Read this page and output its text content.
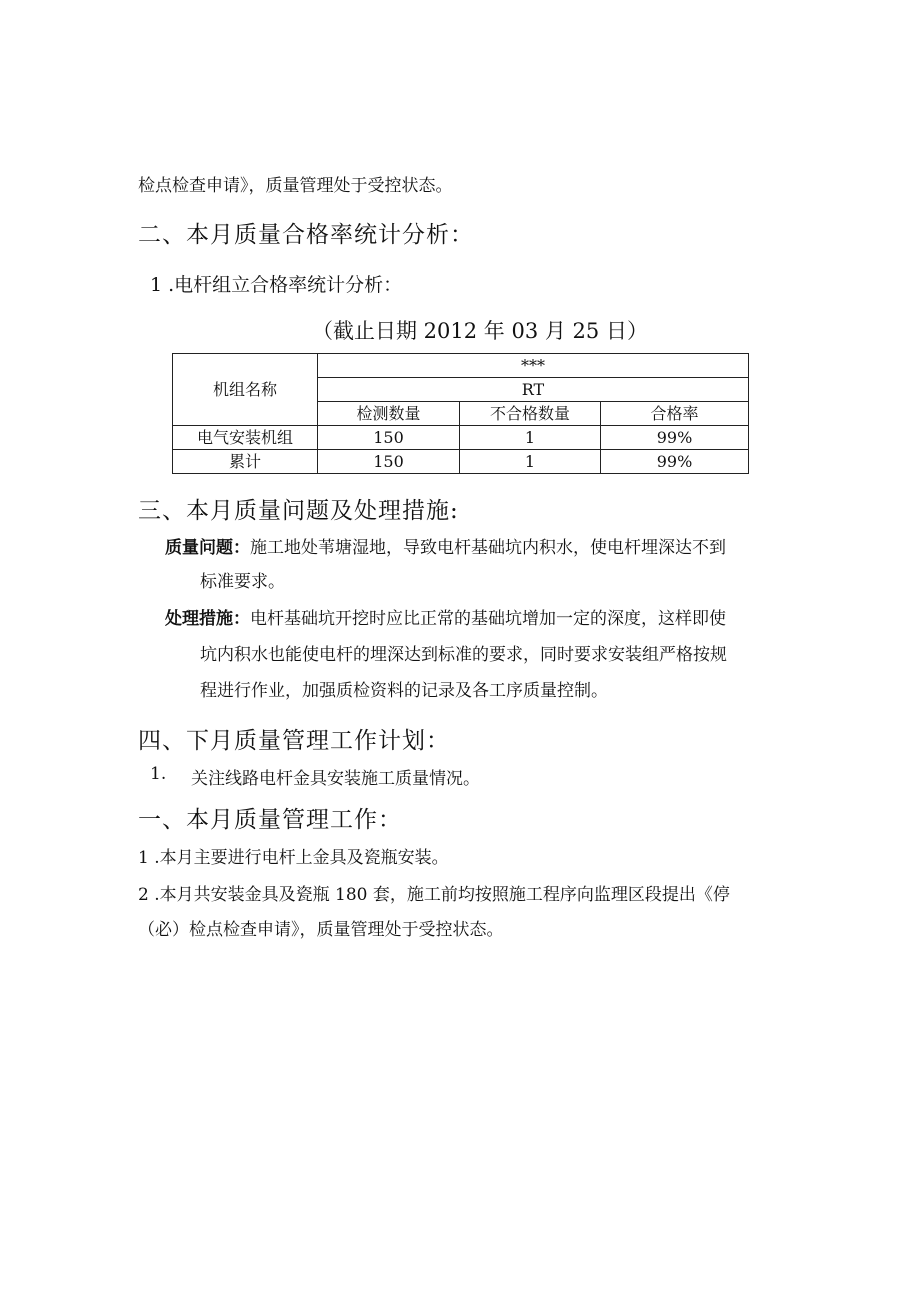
检点检查申请》，质量管理处于受控状态。
二、本月质量合格率统计分析：
1 .电杆组立合格率统计分析：
（截止日期 2012 年 03 月 25 日）
机组名称	***		
	RT		
	检测数量	不合格数量	合格率
电气安装机组	150	1	99%
累计	150	1	99%
三、本月质量问题及处理措施:
质量问题：施工地处苇塘湿地，导致电杆基础坑内积水，使电杆埋深达不到
标准要求。
处理措施：电杆基础坑开挖时应比正常的基础坑增加一定的深度，这样即使
坑内积水也能使电杆的埋深达到标准的要求，同时要求安装组严格按规
程进行作业，加强质检资料的记录及各工序质量控制。
四、下月质量管理工作计划：
1. 关注线路电杆金具安装施工质量情况。
一、本月质量管理工作：
1 .本月主要进行电杆上金具及瓷瓶安装。
2 .本月共安装金具及瓷瓶 180 套，施工前均按照施工程序向监理区段提出《停
（必）检点检查申请》，质量管理处于受控状态。
